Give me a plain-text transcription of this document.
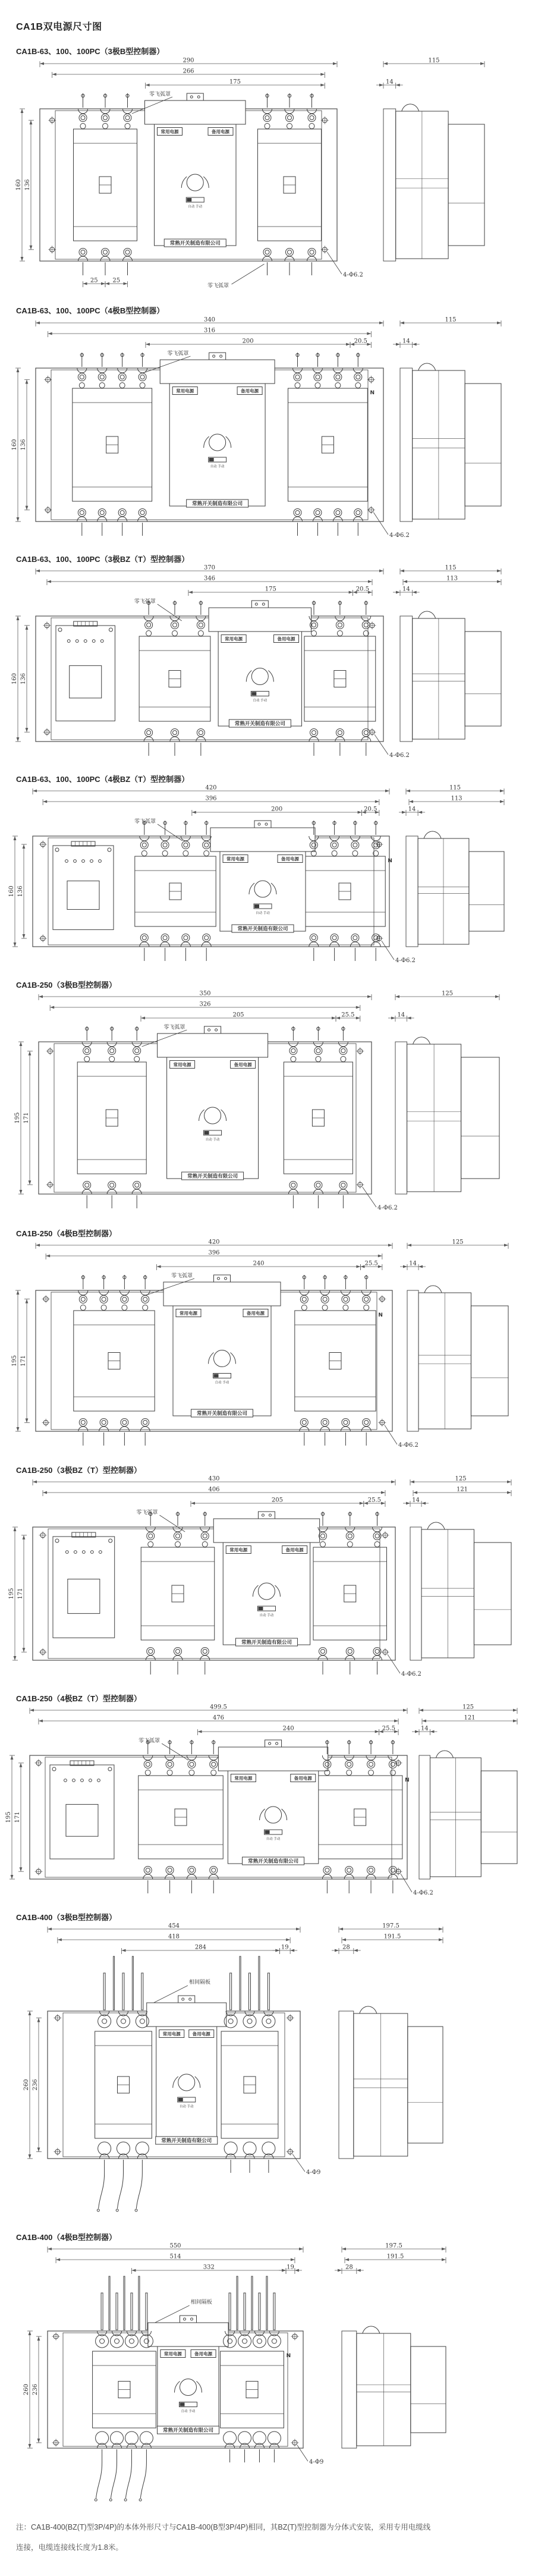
CA1B双电源尺寸图
CA1B-63、100、100PC（3极B型控制器）
常用电源	备用电源
自动 手动
常熟开关制造有限公司
零飞弧罩
零飞弧罩
4-Φ6.2
290
266
175
160 136
25 25
115
14
CA1B-63、100、100PC（4极B型控制器）
常用电源	备用电源
自动 手动
常熟开关制造有限公司
N
零飞弧罩
4-Φ6.2
340
316
200	20.5
160 136
115
14
CA1B-63、100、100PC（3极BZ（T）型控制器）
常用电源	备用电源
自动 手动
常熟开关制造有限公司
零飞弧罩
4-Φ6.2
370
346
175	20.5
160 136
115
113
14
CA1B-63、100、100PC（4极BZ（T）型控制器）
常用电源	备用电源
自动 手动
常熟开关制造有限公司
N
零飞弧罩
4-Φ6.2
420
396
200	20.5
160 136
115
113
14
CA1B-250（3极B型控制器）
常用电源	备用电源
自动 手动
常熟开关制造有限公司
零飞弧罩
4-Φ6.2
350
326
205	25.5
195 171
125
14
CA1B-250（4极B型控制器）
常用电源	备用电源
自动 手动
常熟开关制造有限公司
N
零飞弧罩
4-Φ6.2
420
396
240	25.5
195 171
125
14
CA1B-250（3极BZ（T）型控制器）
常用电源	备用电源
自动 手动
常熟开关制造有限公司
零飞弧罩
4-Φ6.2
430
406
205	25.5
195 171
125
121
14
CA1B-250（4极BZ（T）型控制器）
常用电源	备用电源
自动 手动
常熟开关制造有限公司
N
零飞弧罩
4-Φ6.2
499.5
476
240	25.5
195 171
125
121
14
CA1B-400（3极B型控制器）
常用电源	备用电源
自动 手动
常熟开关制造有限公司
相间隔板
4-Φ9
454
418
284	19
260 236
197.5
191.5
28
CA1B-400（4极B型控制器）
常用电源	备用电源
自动 手动
常熟开关制造有限公司
N
相间隔板
4-Φ9
550
514
332	19
260 236
197.5
191.5
28
注：CA1B-400(BZ(T)型3P/4P)的本体外形尺寸与CA1B-400(B型3P/4P)相同，其BZ(T)型控制器为分体式安装，采用专用电缆线
连接，电缆连接线长度为1.8米。
